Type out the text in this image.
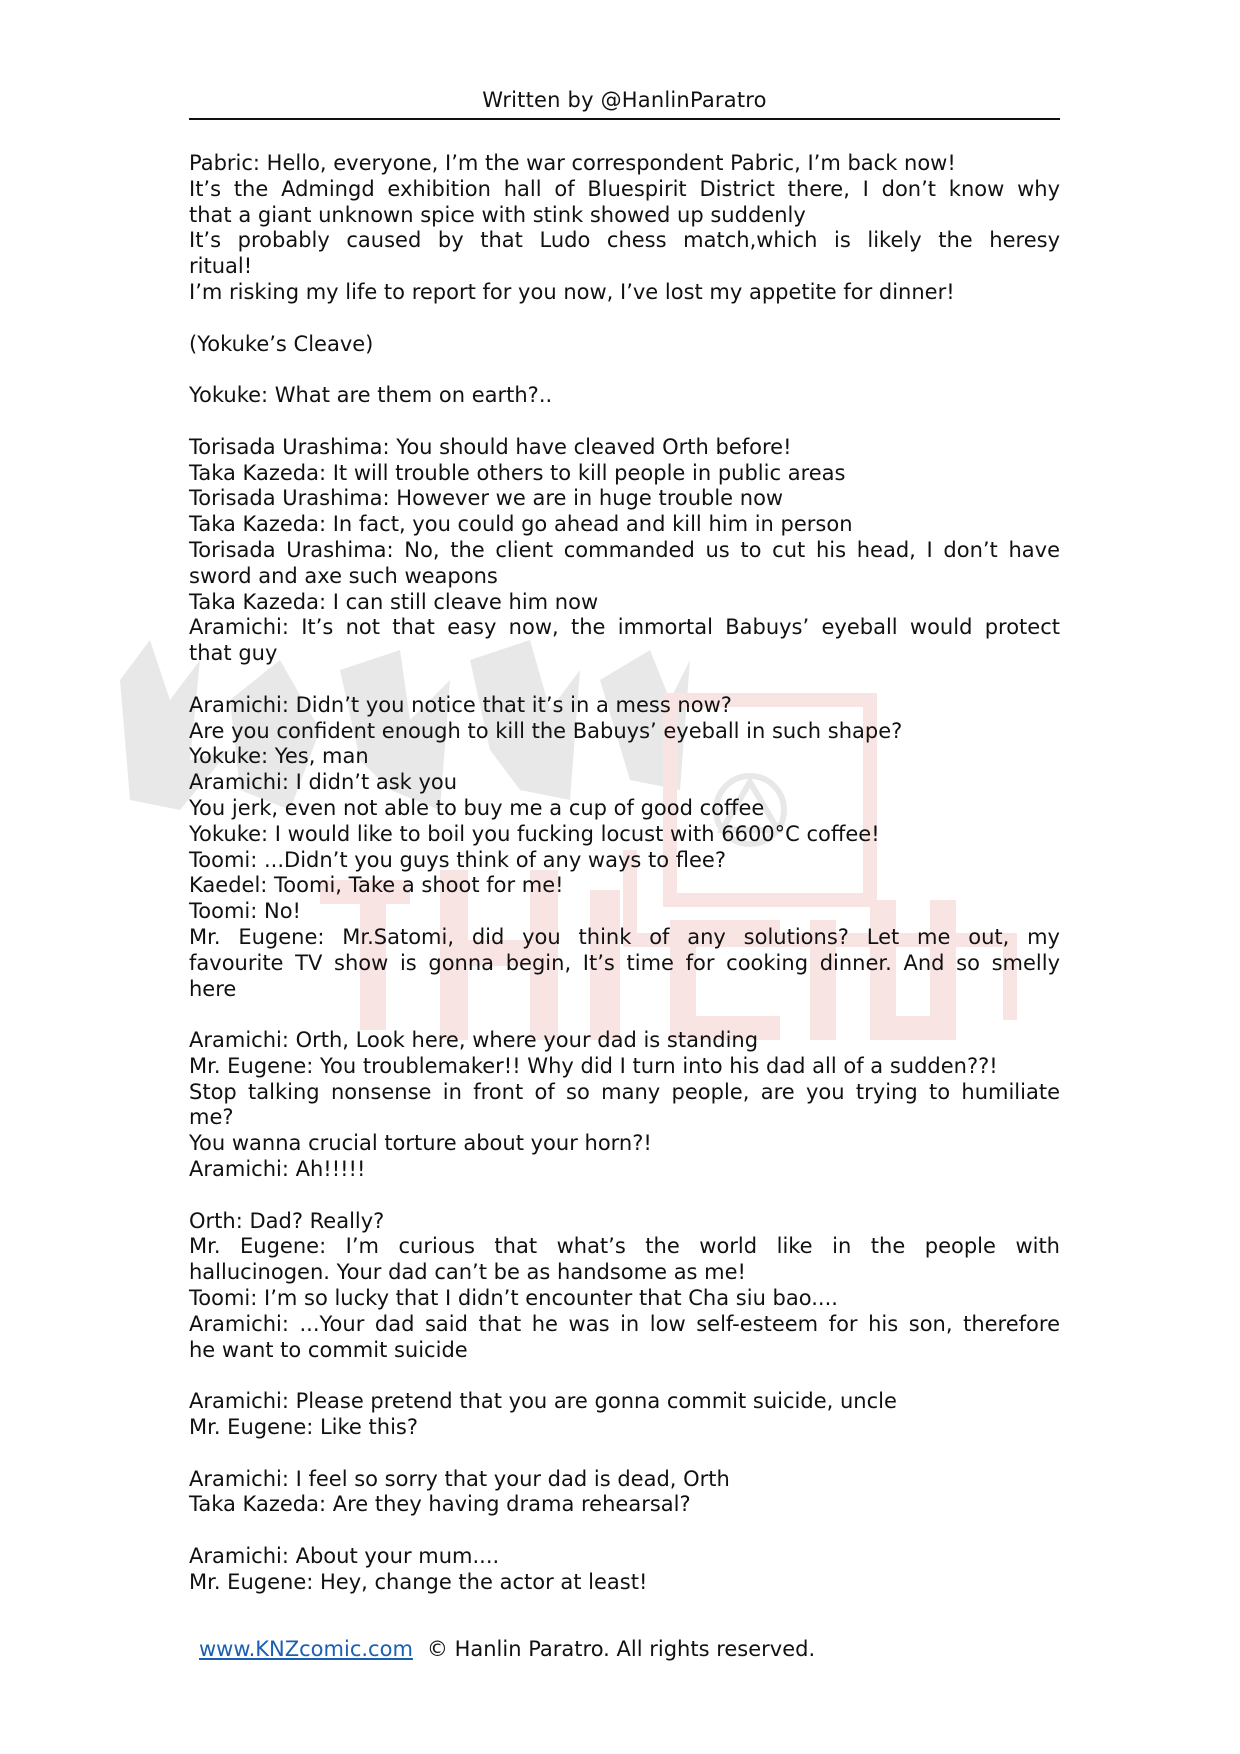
Written by @HanlinParatro
Pabric: Hello, everyone, I’m the war correspondent Pabric, I’m back now!
It’s the Admingd exhibition hall of Bluespirit District there, I don’t know why
that a giant unknown spice with stink showed up suddenly
It’s probably caused by that Ludo chess match,which is likely the heresy
ritual!
I’m risking my life to report for you now, I’ve lost my appetite for dinner!
(Yokuke’s Cleave)
Yokuke: What are them on earth?..
Torisada Urashima: You should have cleaved Orth before!
Taka Kazeda: It will trouble others to kill people in public areas
Torisada Urashima: However we are in huge trouble now
Taka Kazeda: In fact, you could go ahead and kill him in person
Torisada Urashima: No, the client commanded us to cut his head, I don’t have
sword and axe such weapons
Taka Kazeda: I can still cleave him now
Aramichi: It’s not that easy now, the immortal Babuys’ eyeball would protect
that guy
Aramichi: Didn’t you notice that it’s in a mess now?
Are you confident enough to kill the Babuys’ eyeball in such shape?
Yokuke: Yes, man
Aramichi: I didn’t ask you
You jerk, even not able to buy me a cup of good coffee
Yokuke: I would like to boil you fucking locust with 6600°C coffee!
Toomi: ...Didn’t you guys think of any ways to flee?
Kaedel: Toomi, Take a shoot for me!
Toomi: No!
Mr. Eugene: Mr.Satomi, did you think of any solutions? Let me out, my
favourite TV show is gonna begin, It’s time for cooking dinner. And so smelly
here
Aramichi: Orth, Look here, where your dad is standing
Mr. Eugene: You troublemaker!! Why did I turn into his dad all of a sudden??!
Stop talking nonsense in front of so many people, are you trying to humiliate
me?
You wanna crucial torture about your horn?!
Aramichi: Ah!!!!!
Orth: Dad? Really?
Mr. Eugene: I’m curious that what’s the world like in the people with
hallucinogen. Your dad can’t be as handsome as me!
Toomi: I’m so lucky that I didn’t encounter that Cha siu bao....
Aramichi: ...Your dad said that he was in low self-esteem for his son, therefore
he want to commit suicide
Aramichi: Please pretend that you are gonna commit suicide, uncle
Mr. Eugene: Like this?
Aramichi: I feel so sorry that your dad is dead, Orth
Taka Kazeda: Are they having drama rehearsal?
Aramichi: About your mum....
Mr. Eugene: Hey, change the actor at least!
www.KNZcomic.com © Hanlin Paratro. All rights reserved.
